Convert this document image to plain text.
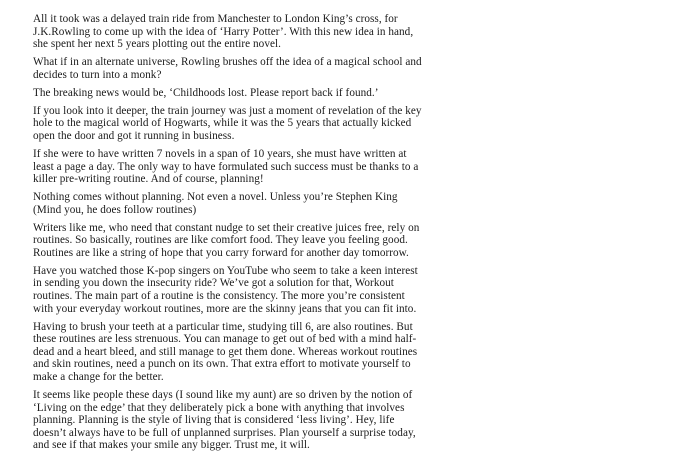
All it took was a delayed train ride from Manchester to London King’s cross, for
J.K.Rowling to come up with the idea of ‘Harry Potter’. With this new idea in hand,
she spent her next 5 years plotting out the entire novel.

What if in an alternate universe, Rowling brushes off the idea of a magical school and
decides to turn into a monk?

The breaking news would be, ‘Childhoods lost. Please report back if found.’

If you look into it deeper, the train journey was just a moment of revelation of the key
hole to the magical world of Hogwarts, while it was the 5 years that actually kicked
open the door and got it running in business.

If she were to have written 7 novels in a span of 10 years, she must have written at
least a page a day. The only way to have formulated such success must be thanks to a
killer pre-writing routine. And of course, planning!

Nothing comes without planning. Not even a novel. Unless you’re Stephen King
(Mind you, he does follow routines)

Writers like me, who need that constant nudge to set their creative juices free, rely on
routines. So basically, routines are like comfort food. They leave you feeling good.
Routines are like a string of hope that you carry forward for another day tomorrow.

Have you watched those K-pop singers on YouTube who seem to take a keen interest
in sending you down the insecurity ride? We’ve got a solution for that, Workout
routines. The main part of a routine is the consistency. The more you’re consistent
with your everyday workout routines, more are the skinny jeans that you can fit into.

Having to brush your teeth at a particular time, studying till 6, are also routines. But
these routines are less strenuous. You can manage to get out of bed with a mind half-
dead and a heart bleed, and still manage to get them done. Whereas workout routines
and skin routines, need a punch on its own. That extra effort to motivate yourself to
make a change for the better.

It seems like people these days (I sound like my aunt) are so driven by the notion of
‘Living on the edge’ that they deliberately pick a bone with anything that involves
planning. Planning is the style of living that is considered ‘less living’. Hey, life
doesn’t always have to be full of unplanned surprises. Plan yourself a surprise today,
and see if that makes your smile any bigger. Trust me, it will.
